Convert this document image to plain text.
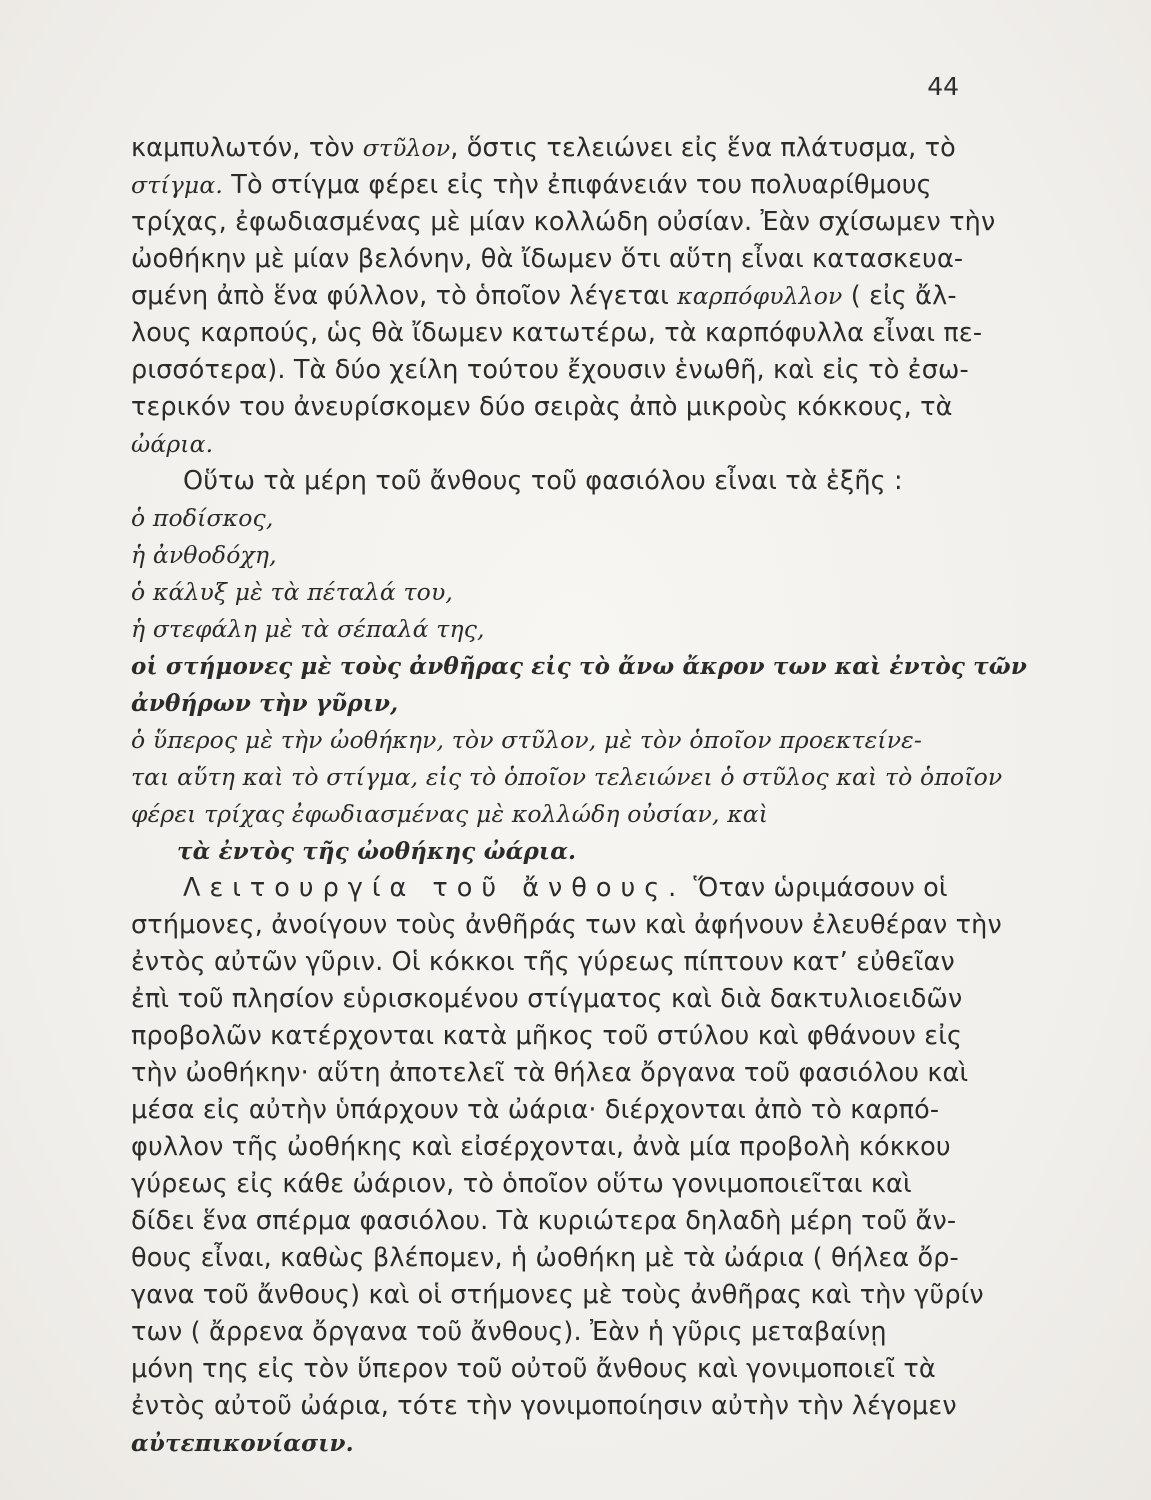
44
καμπυλωτόν, τὸν στῦλον, ὅστις τελειώνει εἰς ἕνα πλάτυσμα, τὸ
στίγμα. Τὸ στίγμα φέρει εἰς τὴν ἐπιφάνειάν του πολυαρίθμους
τρίχας, ἐφωδιασμένας μὲ μίαν κολλώδη οὐσίαν. Ἐὰν σχίσωμεν τὴν
ὠοθήκην μὲ μίαν βελόνην, θὰ ἴδωμεν ὅτι αὕτη εἶναι κατασκευα-
σμένη ἀπὸ ἕνα φύλλον, τὸ ὁποῖον λέγεται καρπόφυλλον ( εἰς ἄλ-
λους καρπούς, ὡς θὰ ἴδωμεν κατωτέρω, τὰ καρπόφυλλα εἶναι πε-
ρισσότερα). Τὰ δύο χείλη τούτου ἔχουσιν ἑνωθῆ, καὶ εἰς τὸ ἐσω-
τερικόν του ἀνευρίσκομεν δύο σειρὰς ἀπὸ μικροὺς κόκκους, τὰ
ὠάρια.
Οὕτω τὰ μέρη τοῦ ἄνθους τοῦ φασιόλου εἶναι τὰ ἑξῆς :
ὁ ποδίσκος,
ἡ ἀνθοδόχη,
ὁ κάλυξ μὲ τὰ πέταλά του,
ἡ στεφάλη μὲ τὰ σέπαλά της,
οἱ στήμονες μὲ τοὺς ἀνθῆρας εἰς τὸ ἄνω ἄκρον των καὶ ἐντὸς τῶν
ἀνθήρων τὴν γῦριν,
ὁ ὕπερος μὲ τὴν ὠοθήκην, τὸν στῦλον, μὲ τὸν ὁποῖον προεκτείνε-
ται αὕτη καὶ τὸ στίγμα, εἰς τὸ ὁποῖον τελειώνει ὁ στῦλος καὶ τὸ ὁποῖον
φέρει τρίχας ἐφωδιασμένας μὲ κολλώδη οὐσίαν, καὶ
τὰ ἐντὸς τῆς ὠοθήκης ὠάρια.
Λειτουργία τοῦ ἄνθους. Ὅταν ὡριμάσουν οἱ
στήμονες, ἀνοίγουν τοὺς ἀνθῆράς των καὶ ἀφήνουν ἐλευθέραν τὴν
ἐντὸς αὐτῶν γῦριν. Οἱ κόκκοι τῆς γύρεως πίπτουν κατ’ εὐθεῖαν
ἐπὶ τοῦ πλησίον εὑρισκομένου στίγματος καὶ διὰ δακτυλιοειδῶν
προβολῶν κατέρχονται κατὰ μῆκος τοῦ στύλου καὶ φθάνουν εἰς
τὴν ὠοθήκην· αὕτη ἀποτελεῖ τὰ θήλεα ὄργανα τοῦ φασιόλου καὶ
μέσα εἰς αὐτὴν ὑπάρχουν τὰ ὠάρια· διέρχονται ἀπὸ τὸ καρπό-
φυλλον τῆς ὠοθήκης καὶ εἰσέρχονται, ἀνὰ μία προβολὴ κόκκου
γύρεως εἰς κάθε ὠάριον, τὸ ὁποῖον οὕτω γονιμοποιεῖται καὶ
δίδει ἕνα σπέρμα φασιόλου. Τὰ κυριώτερα δηλαδὴ μέρη τοῦ ἄν-
θους εἶναι, καθὼς βλέπομεν, ἡ ὠοθήκη μὲ τὰ ὠάρια ( θήλεα ὄρ-
γανα τοῦ ἄνθους) καὶ οἱ στήμονες μὲ τοὺς ἀνθῆρας καὶ τὴν γῦρίν
των ( ἄρρενα ὄργανα τοῦ ἄνθους). Ἐὰν ἡ γῦρις μεταβαίνῃ
μόνη της εἰς τὸν ὕπερον τοῦ οὐτοῦ ἄνθους καὶ γονιμοποιεῖ τὰ
ἐντὸς αὐτοῦ ὠάρια, τότε τὴν γονιμοποίησιν αὐτὴν τὴν λέγομεν
αὐτεπικονίασιν.
